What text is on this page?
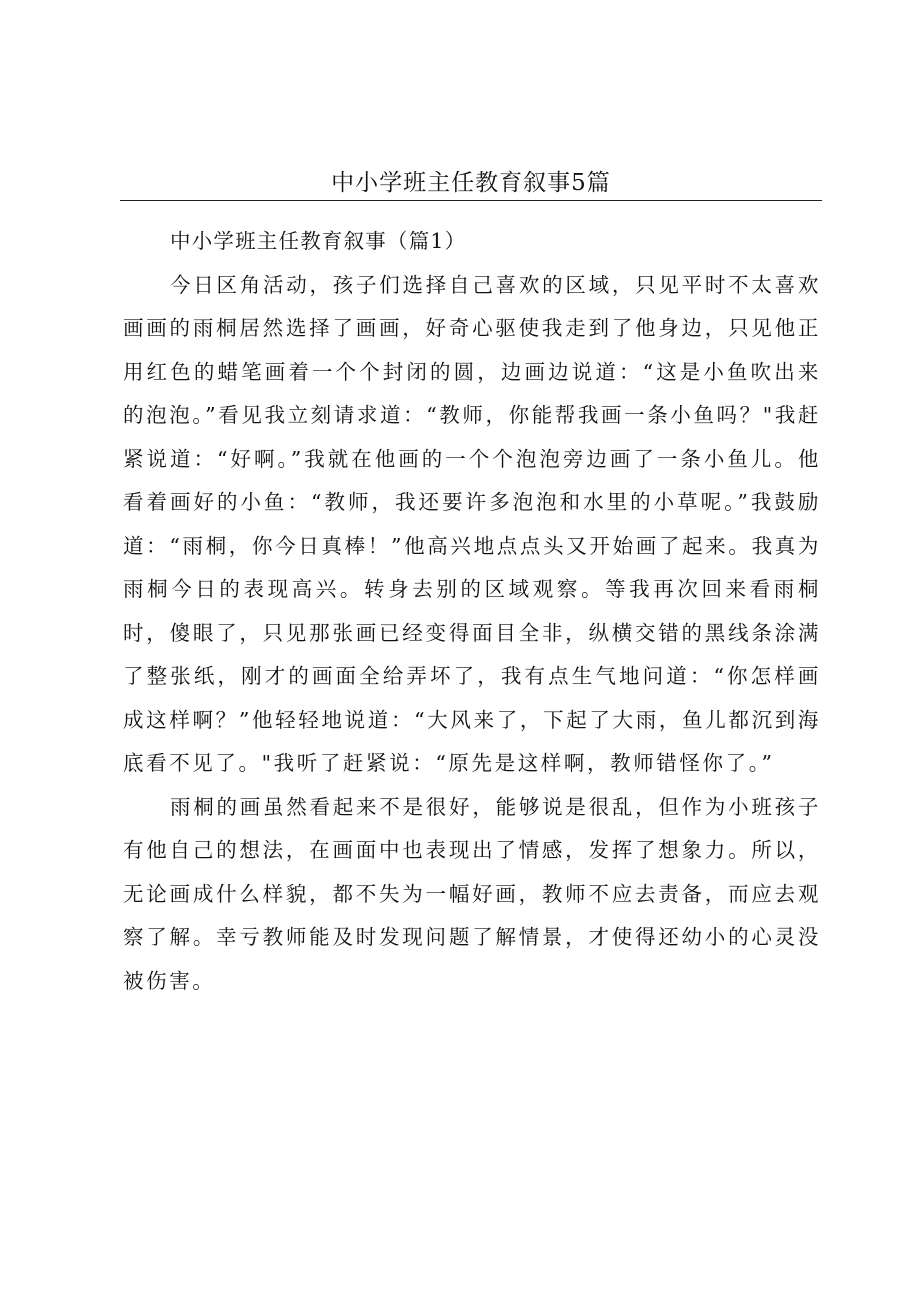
中小学班主任教育叙事5篇

中小学班主任教育叙事（篇1）

今日区角活动，孩子们选择自己喜欢的区域，只见平时不太喜欢画画的雨桐居然选择了画画，好奇心驱使我走到了他身边，只见他正用红色的蜡笔画着一个个封闭的圆，边画边说道：“这是小鱼吹出来的泡泡。”看见我立刻请求道：“教师，你能帮我画一条小鱼吗？"我赶紧说道：“好啊。”我就在他画的一个个泡泡旁边画了一条小鱼儿。他看着画好的小鱼：“教师，我还要许多泡泡和水里的小草呢。”我鼓励道：“雨桐，你今日真棒！”他高兴地点点头又开始画了起来。我真为雨桐今日的表现高兴。转身去别的区域观察。等我再次回来看雨桐时，傻眼了，只见那张画已经变得面目全非，纵横交错的黑线条涂满了整张纸，刚才的画面全给弄坏了，我有点生气地问道：“你怎样画成这样啊？”他轻轻地说道：“大风来了，下起了大雨，鱼儿都沉到海底看不见了。"我听了赶紧说：“原先是这样啊，教师错怪你了。”

雨桐的画虽然看起来不是很好，能够说是很乱，但作为小班孩子有他自己的想法，在画面中也表现出了情感，发挥了想象力。所以，无论画成什么样貌，都不失为一幅好画，教师不应去责备，而应去观察了解。幸亏教师能及时发现问题了解情景，才使得还幼小的心灵没被伤害。
